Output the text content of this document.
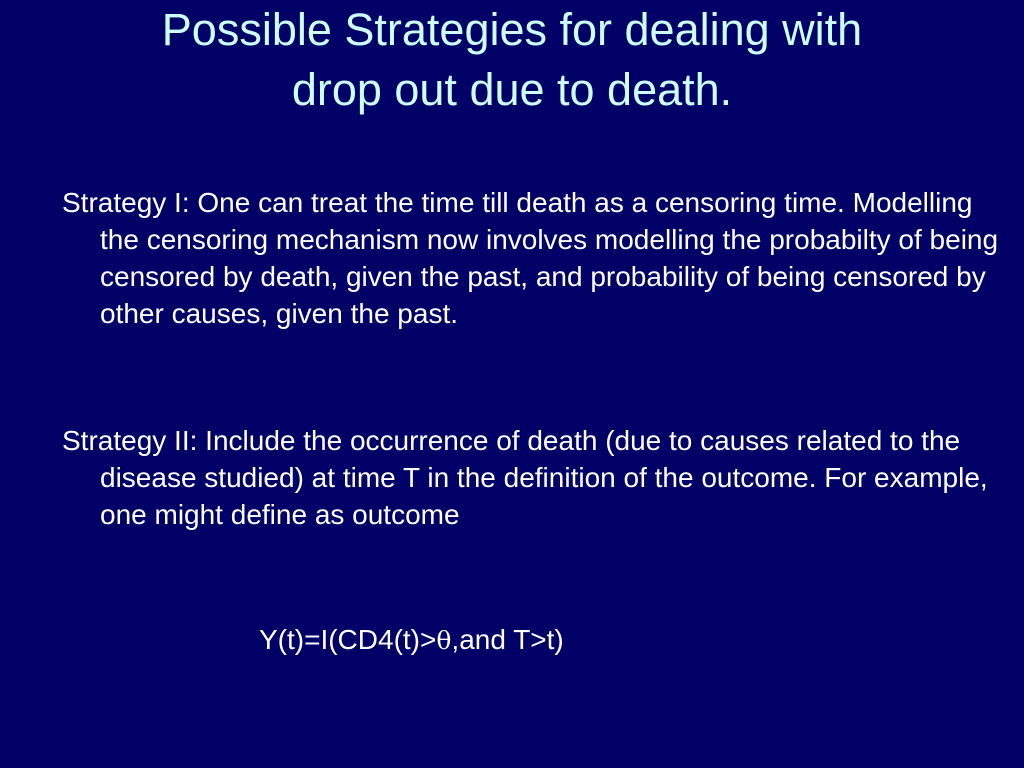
Possible Strategies for dealing with
drop out due to death.

Strategy I: One can treat the time till death as a censoring time. Modelling the censoring mechanism now involves modelling the probabilty of being censored by death, given the past, and probability of being censored by other causes, given the past.

Strategy II: Include the occurrence of death (due to causes related to the disease studied) at time T in the definition of the outcome. For example, one might define as outcome

Y(t)=I(CD4(t)>θ,and T>t)
